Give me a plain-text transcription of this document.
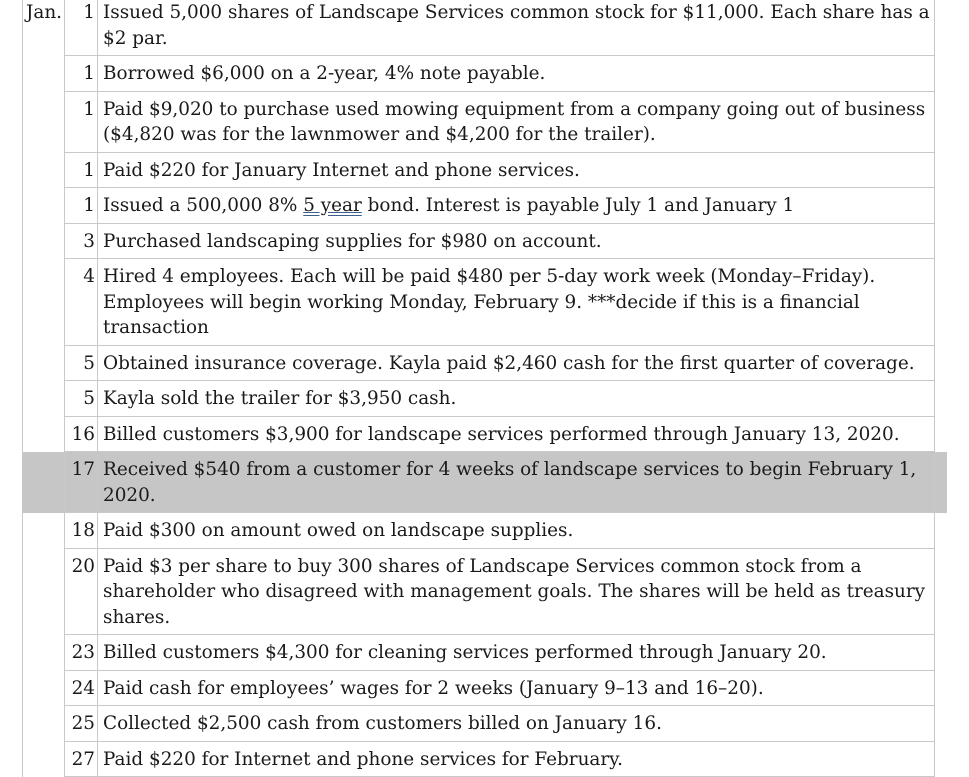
Jan.	1	Issued 5,000 shares of Landscape Services common stock for $11,000. Each share has a $2 par.
	1	Borrowed $6,000 on a 2-year, 4% note payable.
	1	Paid $9,020 to purchase used mowing equipment from a company going out of business ($4,820 was for the lawnmower and $4,200 for the trailer).
	1	Paid $220 for January Internet and phone services.
	1	Issued a 500,000 8% 5 year bond. Interest is payable July 1 and January 1
	3	Purchased landscaping supplies for $980 on account.
	4	Hired 4 employees. Each will be paid $480 per 5-day work week (Monday–Friday). Employees will begin working Monday, February 9. ***decide if this is a financial transaction
	5	Obtained insurance coverage. Kayla paid $2,460 cash for the first quarter of coverage.
	5	Kayla sold the trailer for $3,950 cash.
	16	Billed customers $3,900 for landscape services performed through January 13, 2020.
	17	Received $540 from a customer for 4 weeks of landscape services to begin February 1, 2020.
	18	Paid $300 on amount owed on landscape supplies.
	20	Paid $3 per share to buy 300 shares of Landscape Services common stock from a shareholder who disagreed with management goals. The shares will be held as treasury shares.
	23	Billed customers $4,300 for cleaning services performed through January 20.
	24	Paid cash for employees’ wages for 2 weeks (January 9–13 and 16–20).
	25	Collected $2,500 cash from customers billed on January 16.
	27	Paid $220 for Internet and phone services for February.
